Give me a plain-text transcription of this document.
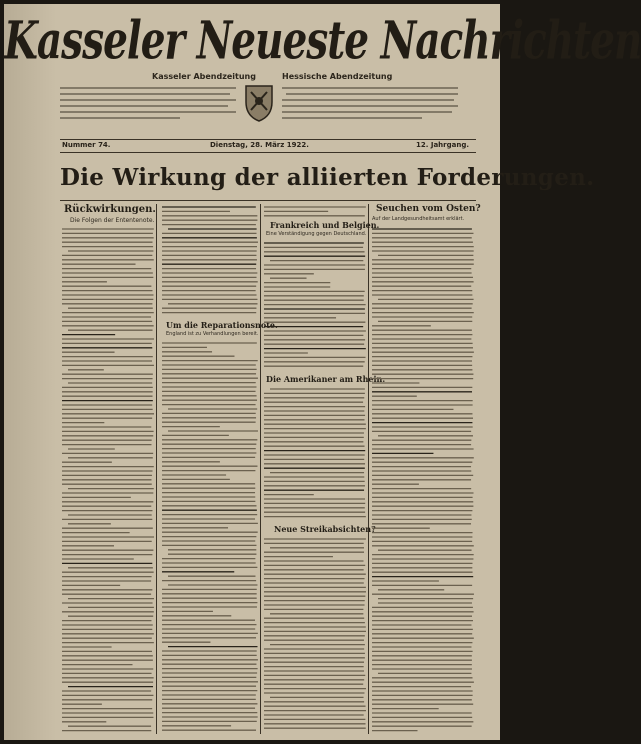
Kasseler Neueste Nachrichten
Kasseler Abendzeitung	Hessische Abendzeitung
Nummer 74.	Dienstag, 28. März 1922.	12. Jahrgang.
Die Wirkung der alliierten Forderungen.
Rückwirkungen.
Die Folgen der Ententenote.
Um die Reparationsnote.
England ist zu Verhandlungen bereit.
Frankreich und Belgien.
Eine Verständigung gegen Deutschland.
Die Amerikaner am Rhein.
Neue Streikabsichten?
Seuchen vom Osten?
Auf der Landgesundheitsamt erklärt.
